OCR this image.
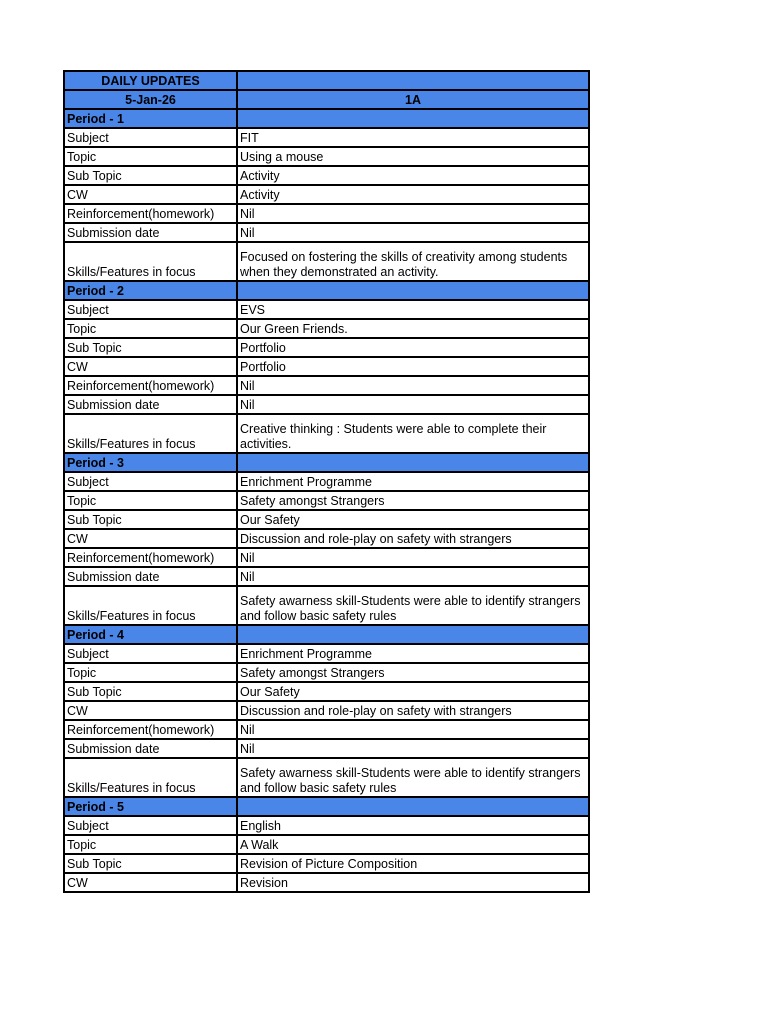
DAILY UPDATES	
5-Jan-26	1A
Period - 1	
Subject	FIT
Topic	Using a mouse
Sub Topic	Activity
CW	Activity
Reinforcement(homework)	Nil
Submission date	Nil
Skills/Features in focus	Focused on fostering the skills of creativity among students when they demonstrated an activity.
Period - 2	
Subject	EVS
Topic	Our Green Friends.
Sub Topic	Portfolio
CW	Portfolio
Reinforcement(homework)	Nil
Submission date	Nil
Skills/Features in focus	Creative thinking : Students were able to complete their activities.
Period - 3	
Subject	Enrichment Programme
Topic	Safety amongst Strangers
Sub Topic	Our Safety
CW	Discussion and role-play on safety with strangers
Reinforcement(homework)	Nil
Submission date	Nil
Skills/Features in focus	Safety awarness skill-Students were able to identify strangers and follow basic safety rules
Period - 4	
Subject	Enrichment Programme
Topic	Safety amongst Strangers
Sub Topic	Our Safety
CW	Discussion and role-play on safety with strangers
Reinforcement(homework)	Nil
Submission date	Nil
Skills/Features in focus	Safety awarness skill-Students were able to identify strangers and follow basic safety rules
Period - 5	
Subject	English
Topic	A Walk
Sub Topic	Revision of Picture Composition
CW	Revision
